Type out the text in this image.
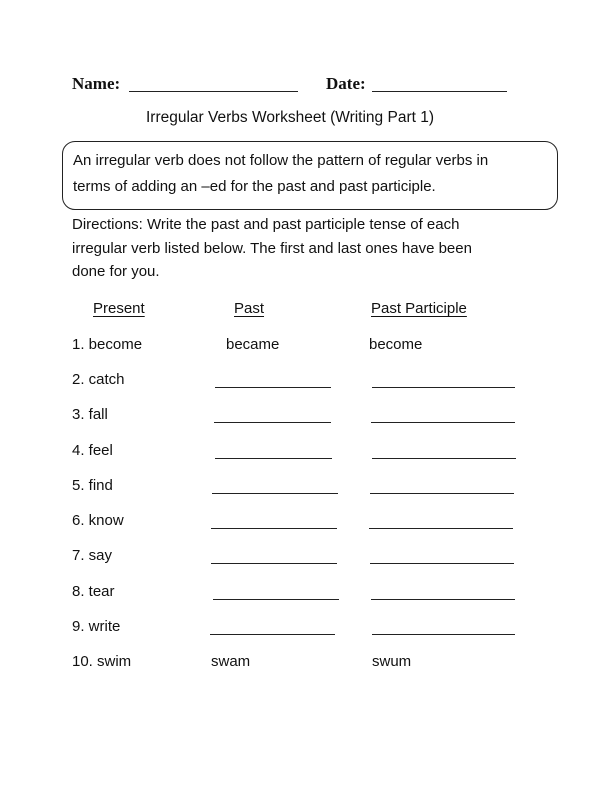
Name:	Date:
Irregular Verbs Worksheet (Writing Part 1)
An irregular verb does not follow the pattern of regular verbs in
terms of adding an –ed for the past and past participle.
Directions: Write the past and past participle tense of each
irregular verb listed below. The first and last ones have been
done for you.
Present	Past	Past Participle
1. become	became	become
2. catch
3. fall
4. feel
5. find
6. know
7. say
8. tear
9. write
10. swim	swam	swum
